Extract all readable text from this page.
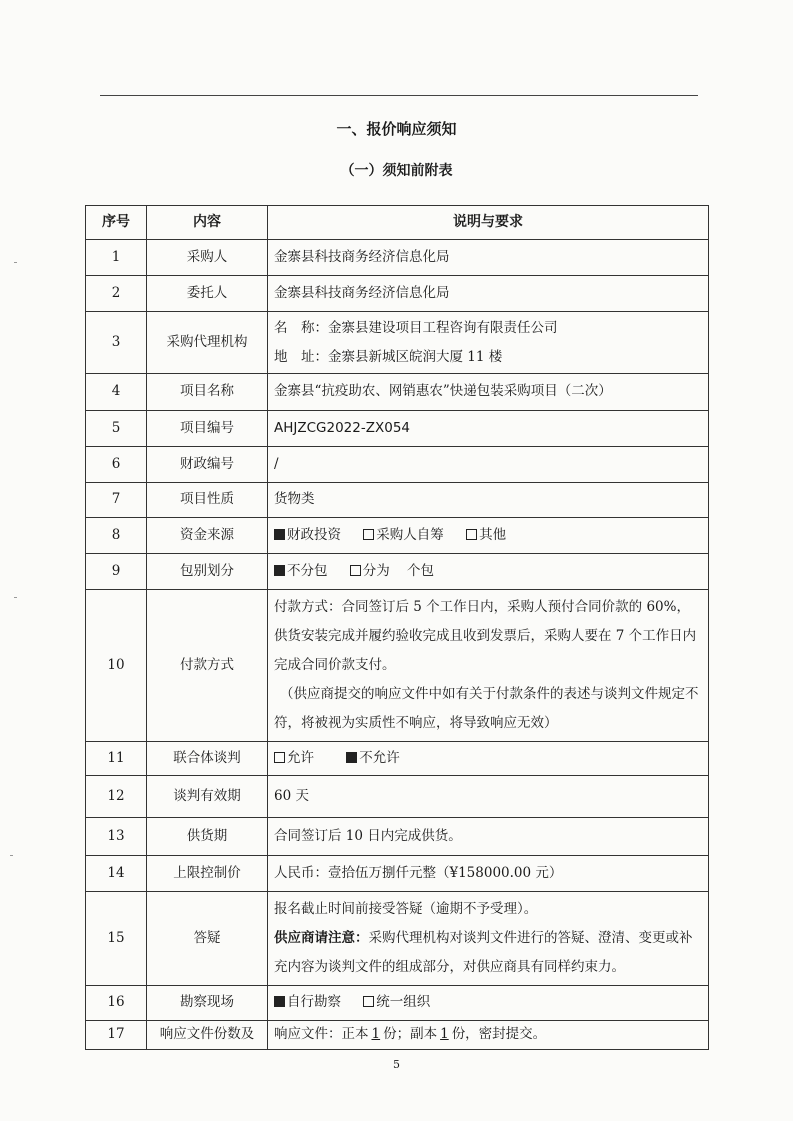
一、报价响应须知
（一）须知前附表
序号	内容	说明与要求
1	采购人	金寨县科技商务经济信息化局
2	委托人	金寨县科技商务经济信息化局
3	采购代理机构	名　称：金寨县建设项目工程咨询有限责任公司
地　址：金寨县新城区皖润大厦 11 楼

4	项目名称	金寨县“抗疫助农、网销惠农”快递包装采购项目（二次）
5	项目编号	AHJZCG2022-ZX054
6	财政编号	/
7	项目性质	货物类
8	资金来源	财政投资 采购人自筹 其他
9	包别划分	不分包 分为 个包
10	付款方式	付款方式：合同签订后 5 个工作日内，采购人预付合同价款的 60%，供货安装完成并履约验收完成且收到发票后，采购人要在 7 个工作日内完成合同价款支付。
（供应商提交的响应文件中如有关于付款条件的表述与谈判文件规定不符，将被视为实质性不响应，将导致响应无效）

11	联合体谈判	允许 不允许
12	谈判有效期	60 天
13	供货期	合同签订后 10 日内完成供货。
14	上限控制价	人民币：壹拾伍万捌仟元整（¥158000.00 元）
15	答疑	报名截止时间前接受答疑（逾期不予受理）。
供应商请注意：采购代理机构对谈判文件进行的答疑、澄清、变更或补充内容为谈判文件的组成部分，对供应商具有同样约束力。

16	勘察现场	自行勘察 统一组织
17	响应文件份数及	响应文件：正本 1 份；副本 1 份，密封提交。
5
